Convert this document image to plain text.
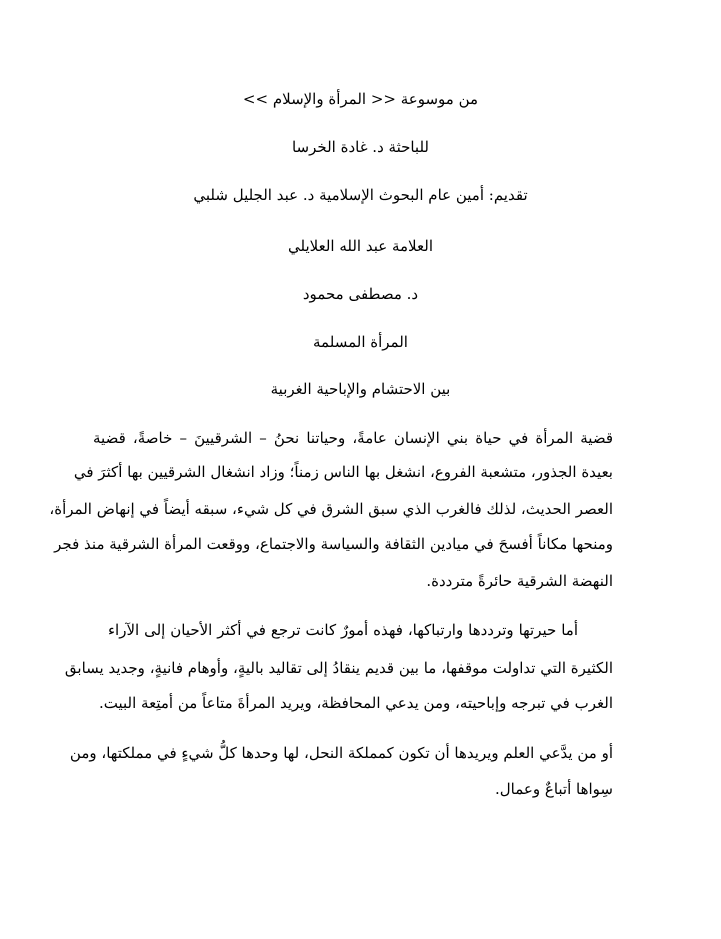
من موسوعة << المرأة والإسلام >>
للباحثة د. غادة الخرسا
تقديم: أمين عام البحوث الإسلامية د. عبد الجليل شلبي
العلامة عبد الله العلايلي
د. مصطفى محمود
المرأة المسلمة
بين الاحتشام والإباحية الغربية
قضية المرأة في حياة بني الإنسان عامةً، وحياتنا نحنُ – الشرقيينَ – خاصةً، قضية
بعيدة الجذور، متشعبة الفروع، انشغل بها الناس زمناً؛ وزاد انشغال الشرقيين بها أكثرَ في
العصر الحديث، لذلك فالغرب الذي سبق الشرق في كل شيء، سبقه أيضاً في إنهاض المرأة،
ومنحها مكاناً أفسحَ في ميادين الثقافة والسياسة والاجتماع، ووقعت المرأة الشرقية منذ فجر
النهضة الشرقية حائرةً مترددة.
أما حيرتها وترددها وارتباكها، فهذه أمورٌ كانت ترجع في أكثر الأحيان إلى الآراء
الكثيرة التي تداولت موقفها، ما بين قديم ينقادُ إلى تقاليد باليةٍ، وأوهام فانيةٍ، وجديد يسابق
الغرب في تبرجه وإباحيته، ومن يدعي المحافظة، ويريد المرأةَ متاعاً من أمتِعة البيت.
أو من يدَّعي العلم ويريدها أن تكون كمملكة النحل، لها وحدها كلُّ شيءٍ في مملكتها، ومن
سِواها أتباعٌ وعمال.
